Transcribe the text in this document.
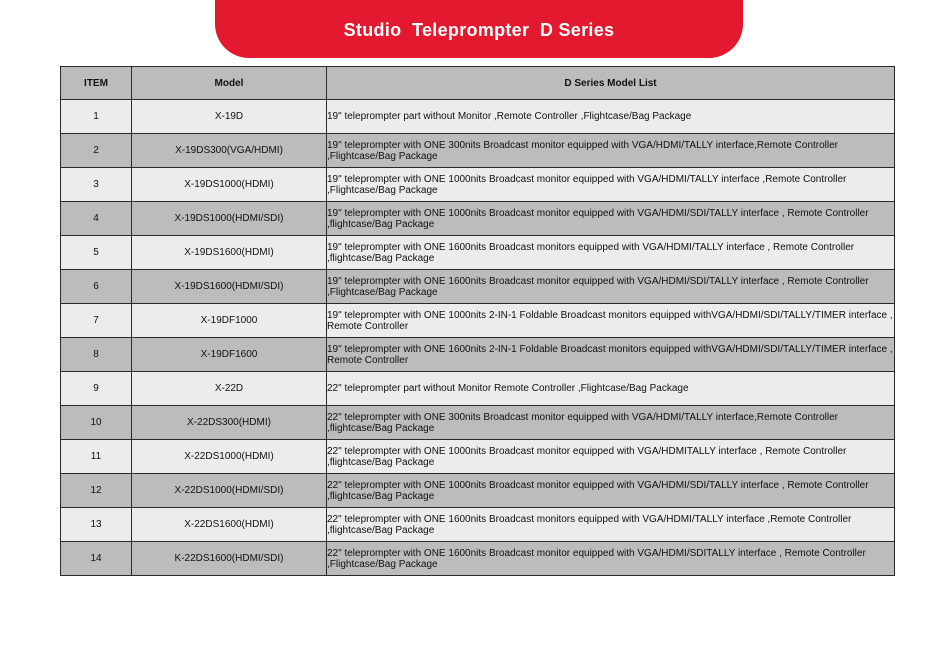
Studio  Teleprompter  D Series
ITEM	Model	D Series Model List
1	X-19D	19" teleprompter part without Monitor ,Remote Controller ,Flightcase/Bag Package
2	X-19DS300(VGA/HDMI)	19" teleprompter with ONE 300nits Broadcast monitor equipped with VGA/HDMI/TALLY interface,Remote Controller ,Flightcase/Bag Package
3	X-19DS1000(HDMI)	19" teleprompter with ONE 1000nits Broadcast monitor equipped with VGA/HDMI/TALLY interface ,Remote Controller ,Flightcase/Bag Package
4	X-19DS1000(HDMI/SDI)	19" teleprompter with ONE 1000nits Broadcast monitor equipped with VGA/HDMI/SDI/TALLY interface , Remote Controller ,flightcase/Bag Package
5	X-19DS1600(HDMI)	19" teleprompter with ONE 1600nits Broadcast monitors equipped with VGA/HDMI/TALLY interface , Remote Controller ,flightcase/Bag Package
6	X-19DS1600(HDMI/SDI)	19" teleprompter with ONE 1600nits Broadcast monitor equipped with VGA/HDMI/SDI/TALLY interface , Remote Controller ,Flightcase/Bag Package
7	X-19DF1000	19" teleprompter with ONE 1000nits 2-IN-1 Foldable Broadcast monitors equipped withVGA/HDMI/SDI/TALLY/TIMER interface , Remote Controller
8	X-19DF1600	19" teleprompter with ONE 1600nits 2-IN-1 Foldable Broadcast monitors equipped withVGA/HDMI/SDI/TALLY/TIMER interface , Remote Controller
9	X-22D	22" teleprompter part without Monitor Remote Controller ,Flightcase/Bag Package
10	X-22DS300(HDMI)	22" teleprompter with ONE 300nits Broadcast monitor equipped with VGA/HDMI/TALLY interface,Remote Controller ,flightcase/Bag Package
11	X-22DS1000(HDMI)	22" teleprompter with ONE 1000nits Broadcast monitor equipped with VGA/HDMITALLY interface , Remote Controller ,flightcase/Bag Package
12	X-22DS1000(HDMI/SDI)	22" teleprompter with ONE 1000nits Broadcast monitor equipped with VGA/HDMI/SDI/TALLY interface , Remote Controller ,flightcase/Bag Package
13	X-22DS1600(HDMI)	22" teleprompter with ONE 1600nits Broadcast monitors equipped with VGA/HDMI/TALLY interface ,Remote Controller ,flightcase/Bag Package
14	K-22DS1600(HDMI/SDI)	22" teleprompter with ONE 1600nits Broadcast monitor equipped with VGA/HDMI/SDITALLY interface , Remote Controller ,Flightcase/Bag Package
